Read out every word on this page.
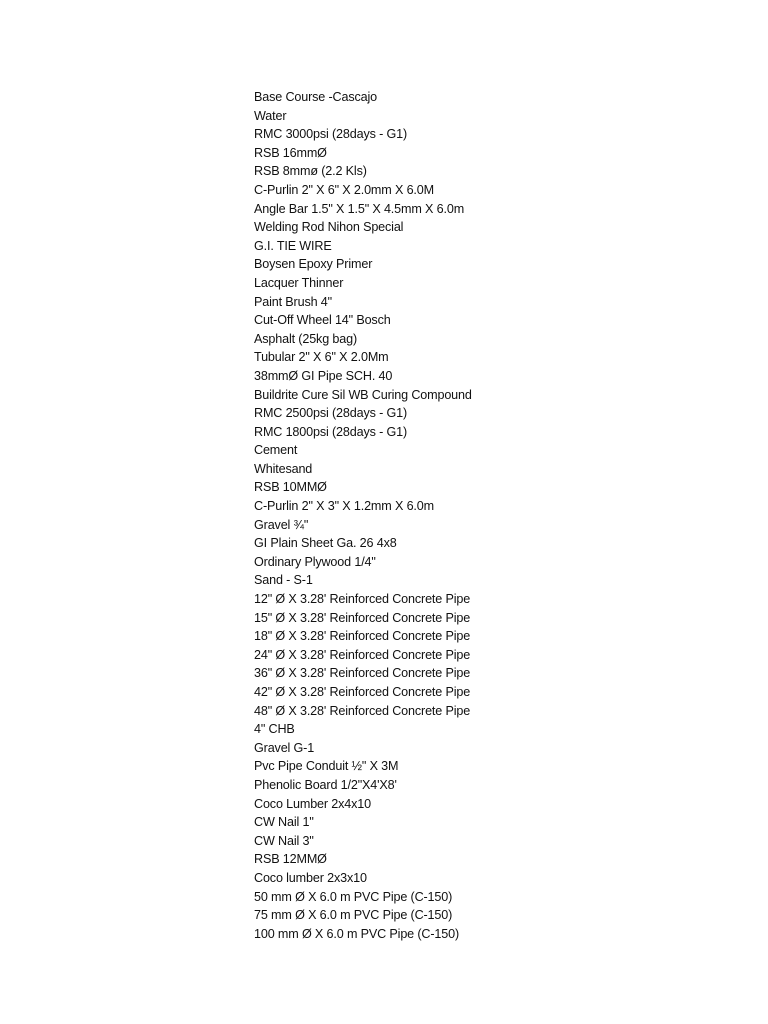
Base Course -Cascajo
Water
RMC 3000psi (28days - G1)
RSB 16mmØ
RSB 8mmø (2.2 Kls)
C-Purlin 2" X 6" X 2.0mm X 6.0M
Angle Bar 1.5" X 1.5" X 4.5mm X 6.0m
Welding Rod Nihon Special
G.I. TIE WIRE
Boysen Epoxy Primer
Lacquer Thinner
Paint Brush 4"
Cut-Off Wheel 14" Bosch
Asphalt (25kg bag)
Tubular 2" X 6" X 2.0Mm
38mmØ GI Pipe SCH. 40
Buildrite Cure Sil WB Curing Compound
RMC 2500psi (28days - G1)
RMC 1800psi (28days - G1)
Cement
Whitesand
RSB 10MMØ
C-Purlin 2" X 3" X 1.2mm X 6.0m
Gravel ¾"
GI Plain Sheet Ga. 26 4x8
Ordinary Plywood 1/4"
Sand - S-1
12" Ø X 3.28' Reinforced Concrete Pipe
15" Ø X 3.28' Reinforced Concrete Pipe
18" Ø X 3.28' Reinforced Concrete Pipe
24" Ø X 3.28' Reinforced Concrete Pipe
36" Ø X 3.28' Reinforced Concrete Pipe
42" Ø X 3.28' Reinforced Concrete Pipe
48" Ø X 3.28' Reinforced Concrete Pipe
4" CHB
Gravel G-1
Pvc Pipe Conduit ½" X 3M
Phenolic Board 1/2"X4'X8'
Coco Lumber 2x4x10
CW Nail 1"
CW Nail 3"
RSB 12MMØ
Coco lumber 2x3x10
50 mm Ø X 6.0 m PVC Pipe (C-150)
75 mm Ø X 6.0 m PVC Pipe (C-150)
100 mm Ø X 6.0 m PVC Pipe (C-150)
